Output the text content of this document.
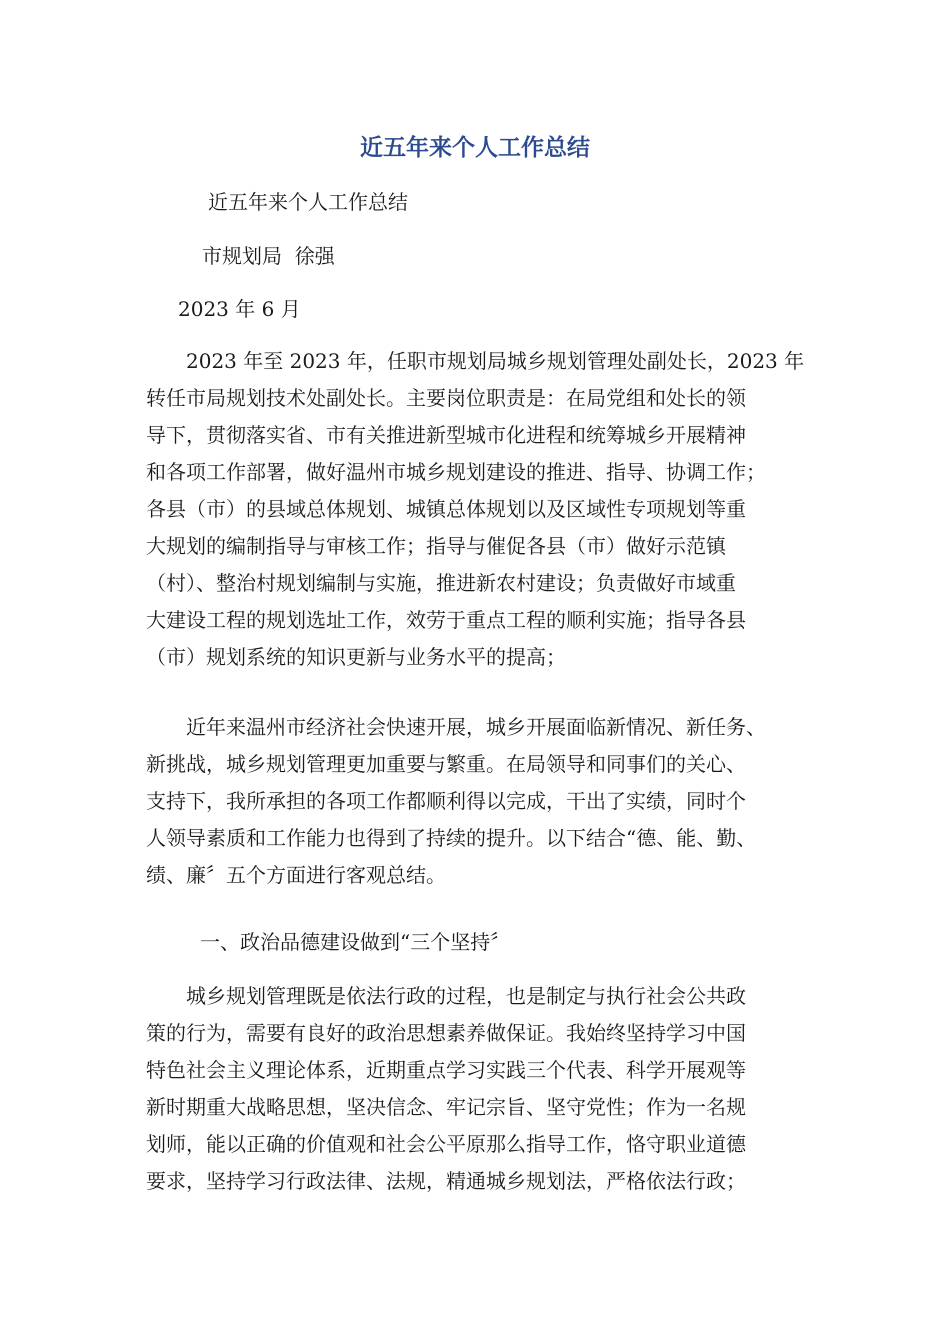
近五年来个人工作总结
近五年来个人工作总结
市规划局  徐强
2023 年 6 月
　　2023 年至 2023 年，任职市规划局城乡规划管理处副处长，2023 年
转任市局规划技术处副处长。主要岗位职责是：在局党组和处长的领
导下，贯彻落实省、市有关推进新型城市化进程和统筹城乡开展精神
和各项工作部署，做好温州市城乡规划建设的推进、指导、协调工作；
各县（市）的县域总体规划、城镇总体规划以及区域性专项规划等重
大规划的编制指导与审核工作；指导与催促各县（市）做好示范镇
（村）、整治村规划编制与实施，推进新农村建设；负责做好市域重
大建设工程的规划选址工作，效劳于重点工程的顺利实施；指导各县
（市）规划系统的知识更新与业务水平的提高；
　　近年来温州市经济社会快速开展，城乡开展面临新情况、新任务、
新挑战，城乡规划管理更加重要与繁重。在局领导和同事们的关心、
支持下，我所承担的各项工作都顺利得以完成，干出了实绩，同时个
人领导素质和工作能力也得到了持续的提升。以下结合“德、能、勤、
绩、廉〞五个方面进行客观总结。
一、政治品德建设做到“三个坚持〞
　　城乡规划管理既是依法行政的过程，也是制定与执行社会公共政
策的行为，需要有良好的政治思想素养做保证。我始终坚持学习中国
特色社会主义理论体系，近期重点学习实践三个代表、科学开展观等
新时期重大战略思想，坚决信念、牢记宗旨、坚守党性；作为一名规
划师，能以正确的价值观和社会公平原那么指导工作，恪守职业道德
要求，坚持学习行政法律、法规，精通城乡规划法，严格依法行政；
